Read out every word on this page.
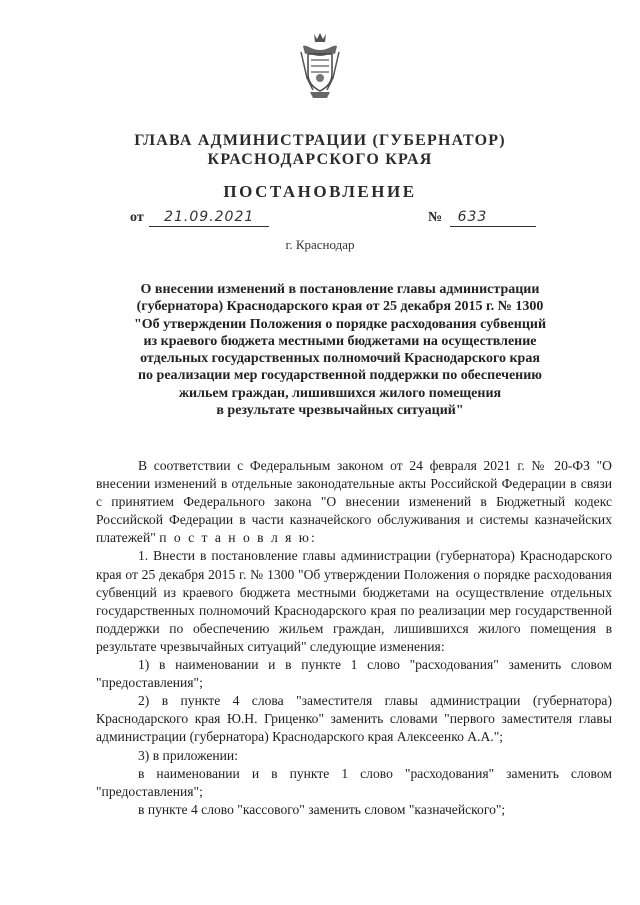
ГЛАВА АДМИНИСТРАЦИИ (ГУБЕРНАТОР)
КРАСНОДАРСКОГО КРАЯ
ПОСТАНОВЛЕНИЕ
от 21.09.2021	№ 633
г. Краснодар
О внесении изменений в постановление главы администрации
(губернатора) Краснодарского края от 25 декабря 2015 г. № 1300
"Об утверждении Положения о порядке расходования субвенций
из краевого бюджета местными бюджетами на осуществление
отдельных государственных полномочий Краснодарского края
по реализации мер государственной поддержки по обеспечению
жильем граждан, лишившихся жилого помещения
в результате чрезвычайных ситуаций"

В соответствии с Федеральным законом от 24 февраля 2021 г. № 20-ФЗ "О внесении изменений в отдельные законодательные акты Российской Федерации в связи с принятием Федерального закона "О внесении изменений в Бюджетный кодекс Российской Федерации в части казначейского обслуживания и системы казначейских платежей" п о с т а н о в л я ю:

1. Внести в постановление главы администрации (губернатора) Краснодарского края от 25 декабря 2015 г. № 1300 "Об утверждении Положения о порядке расходования субвенций из краевого бюджета местными бюджетами на осуществление отдельных государственных полномочий Краснодарского края по реализации мер государственной поддержки по обеспечению жильем граждан, лишившихся жилого помещения в результате чрезвычайных ситуаций" следующие изменения:

1) в наименовании и в пункте 1 слово "расходования" заменить словом "предоставления";

2) в пункте 4 слова "заместителя главы администрации (губернатора) Краснодарского края Ю.Н. Гриценко" заменить словами "первого заместителя главы администрации (губернатора) Краснодарского края Алексеенко А.А.";

3) в приложении:

в наименовании и в пункте 1 слово "расходования" заменить словом "предоставления";

в пункте 4 слово "кассового" заменить словом "казначейского";
